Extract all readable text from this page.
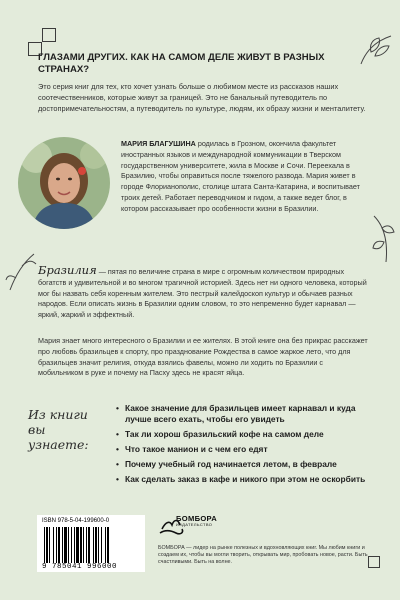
ГЛАЗАМИ ДРУГИХ. КАК НА САМОМ ДЕЛЕ ЖИВУТ В РАЗНЫХ СТРАНАХ?

Это серия книг для тех, кто хочет узнать больше о любимом месте из рассказов наших соотечественников, которые живут за границей. Это не банальный путеводитель по достопримечательностям, а путеводитель по культуре, людям, их образу жизни и менталитету.

МАРИЯ БЛАГУШИНА родилась в Грозном, окончила факультет иностранных языков и международной коммуникации в Тверском государственном университете, жила в Москве и Сочи. Переехала в Бразилию, чтобы оправиться после тяжелого развода. Мария живет в городе Флорианополис, столице штата Санта-Катарина, и воспитывает троих детей. Работает переводчиком и гидом, а также ведет блог, в котором рассказывает про особенности жизни в Бразилии.

Бразилия — пятая по величине страна в мире с огромным количеством природных богатств и удивительной и во многом трагичной историей. Здесь нет ни одного человека, который мог бы назвать себя коренным жителем. Это пестрый калейдоскоп культур и обычаев разных народов. Если описать жизнь в Бразилии одним словом, то это непременно будет карнавал — яркий, жаркий и эффектный.

Мария знает много интересного о Бразилии и ее жителях. В этой книге она без прикрас расскажет про любовь бразильцев к спорту, про празднование Рождества в самое жаркое лето, что для бразильцев значит религия, откуда взялись фавелы, можно ли ходить по Бразилии с мобильником в руке и почему на Пасху здесь не красят яйца.

Из книги вы узнаете:
• Какое значение для бразильцев имеет карнавал и куда лучше всего ехать, чтобы его увидеть
• Так ли хорош бразильский кофе на самом деле
• Что такое манион и с чем его едят
• Почему учебный год начинается летом, в феврале
• Как сделать заказ в кафе и никого при этом не оскорбить
ISBN 978-5-04-199600-0
9 785041 996000
БОМБОРА
ИЗДАТЕЛЬСТВО

БОМБОРА — лидер на рынке полезных и вдохновляющих книг. Мы любим книги и создаем их, чтобы вы могли творить, открывать мир, пробовать новое, расти. Быть счастливыми. Быть на волне.
